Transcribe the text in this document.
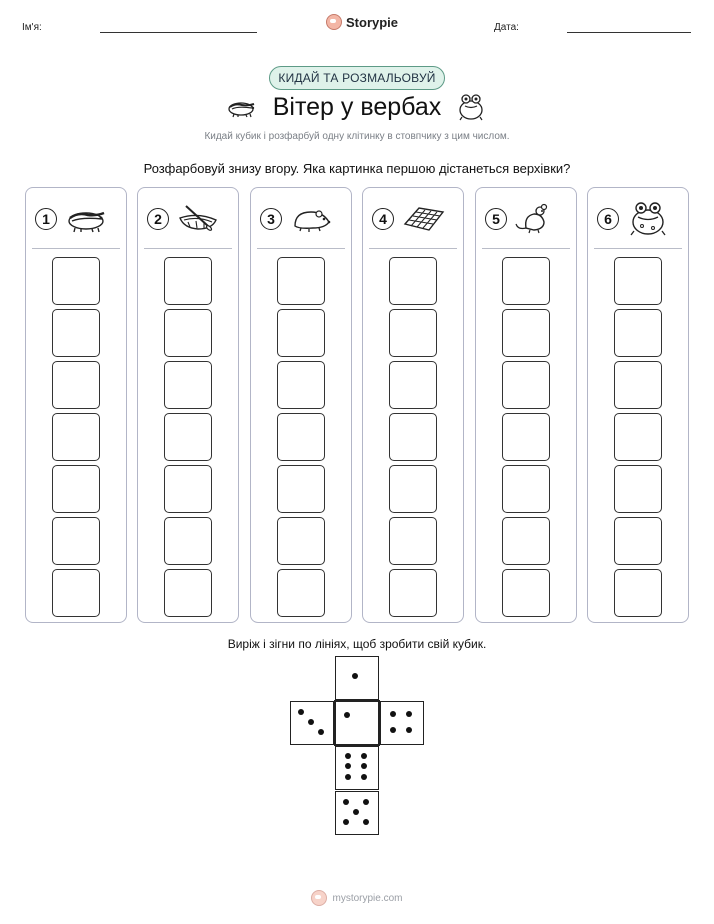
Ім'я:	Storypie	Дата:
КИДАЙ ТА РОЗМАЛЬОВУЙ
Вітер у вербах
Кидай кубик і розфарбуй одну клітинку в стовпчику з цим числом.
Розфарбовуй знизу вгору. Яка картинка першою дістанеться верхівки?
1	2	3	4	5	6
Виріж і зігни по лініях, щоб зробити свій кубик.
mystorypie.com
